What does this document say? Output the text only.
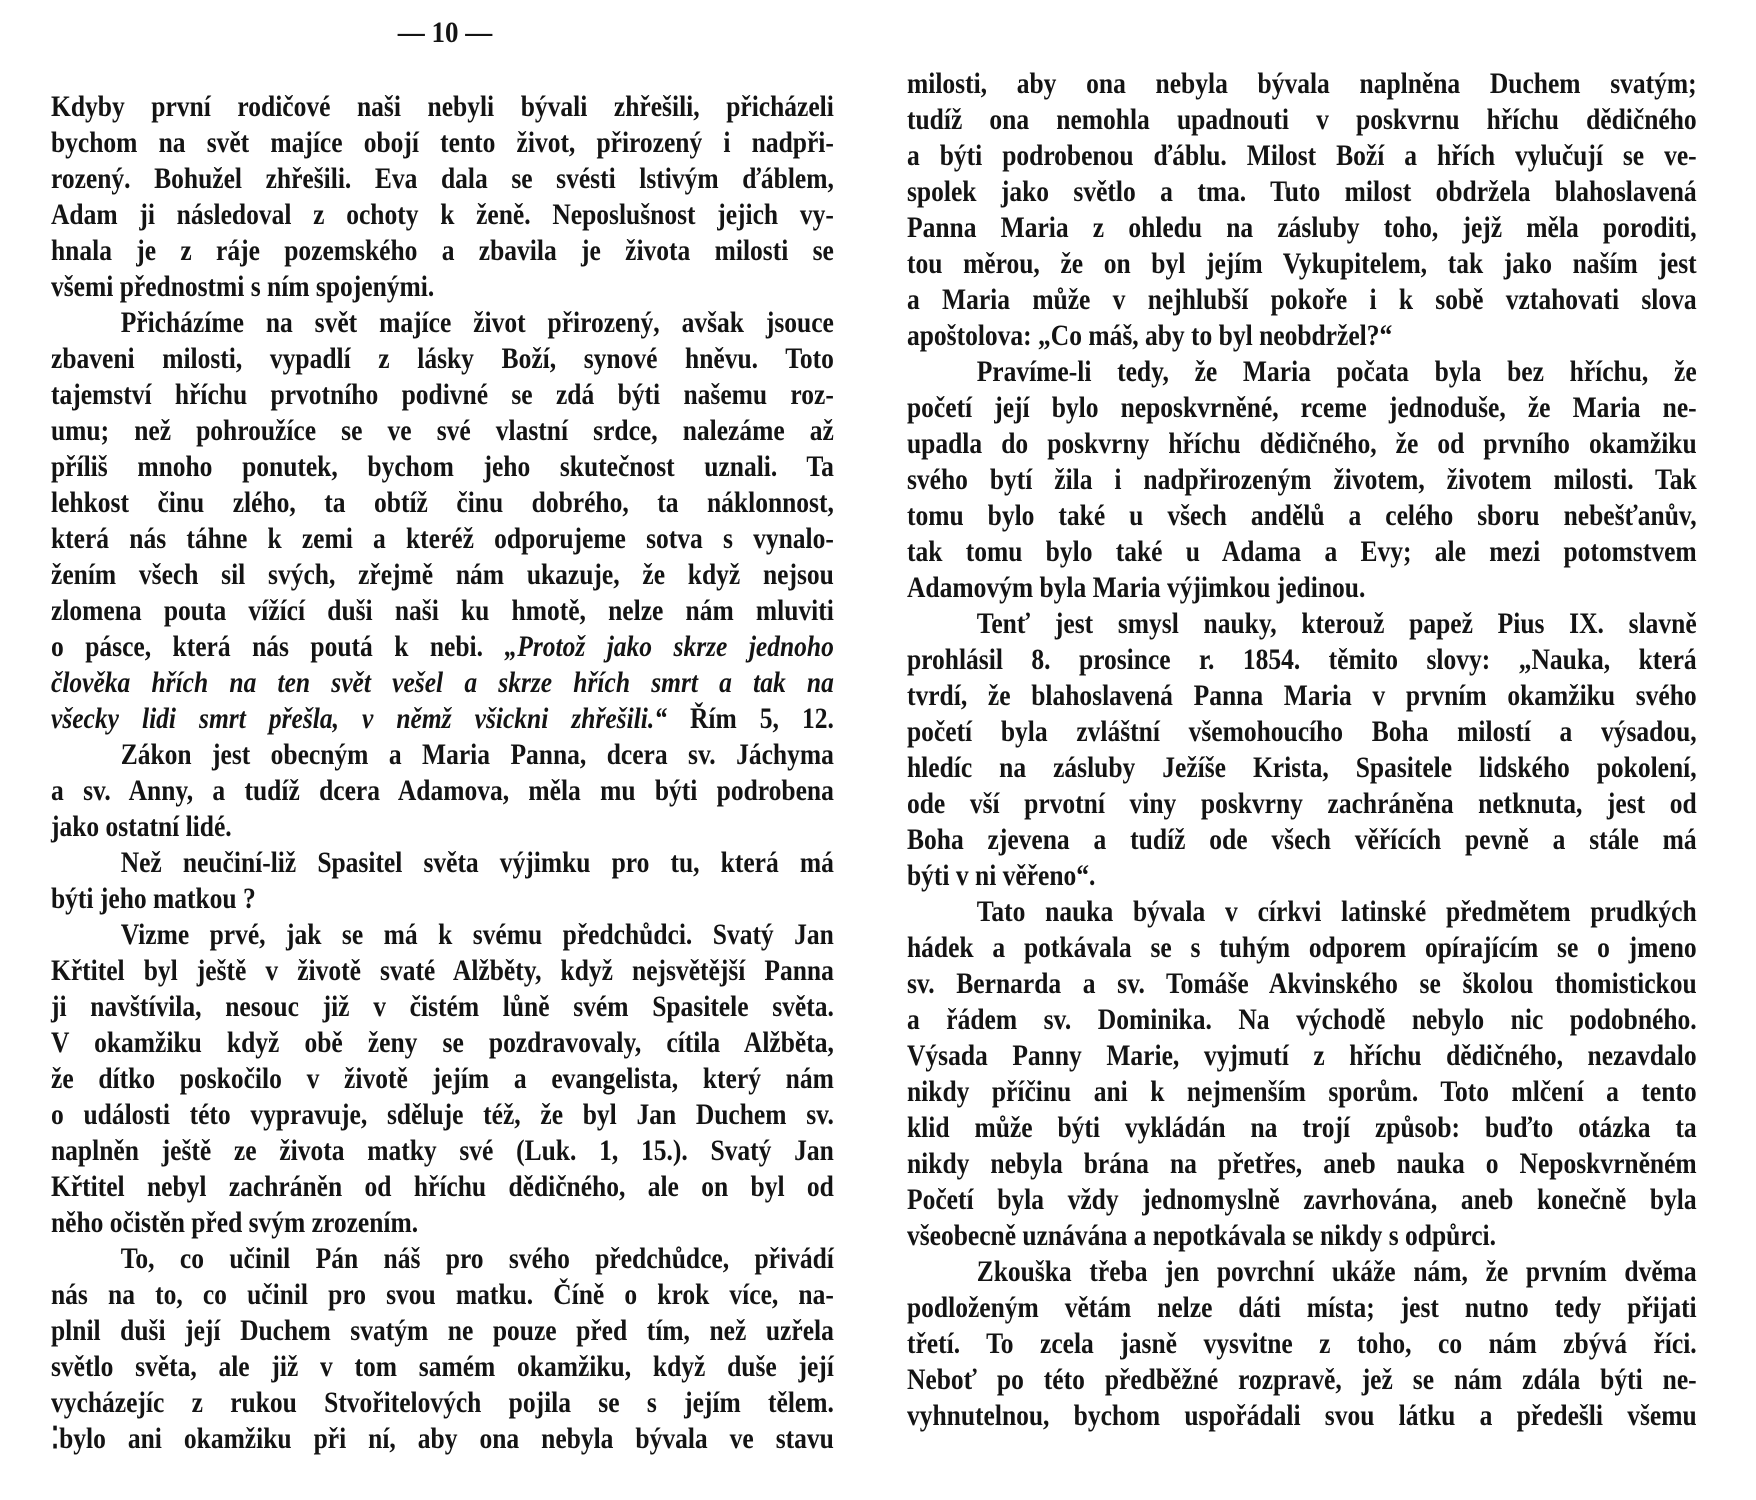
— 10 —
Kdyby první rodičové naši nebyli bývali zhřešili, přicházeli
bychom na svět majíce obojí tento život, přirozený i nadpři-
rozený. Bohužel zhřešili. Eva dala se svésti lstivým ďáblem,
Adam ji následoval z ochoty k ženě. Neposlušnost jejich vy-
hnala je z ráje pozemského a zbavila je života milosti se
všemi přednostmi s ním spojenými.
Přicházíme na svět majíce život přirozený, avšak jsouce
zbaveni milosti, vypadlí z lásky Boží, synové hněvu. Toto
tajemství hříchu prvotního podivné se zdá býti našemu roz-
umu; než pohroužíce se ve své vlastní srdce, nalezáme až
příliš mnoho ponutek, bychom jeho skutečnost uznali. Ta
lehkost činu zlého, ta obtíž činu dobrého, ta náklonnost,
která nás táhne k zemi a kteréž odporujeme sotva s vynalo-
žením všech sil svých, zřejmě nám ukazuje, že když nejsou
zlomena pouta vížící duši naši ku hmotě, nelze nám mluviti
o pásce, která nás poutá k nebi. „Protož jako skrze jednoho
člověka hřích na ten svět vešel a skrze hřích smrt a tak na
všecky lidi smrt přešla, v němž všickni zhřešili.“ Řím 5, 12.
Zákon jest obecným a Maria Panna, dcera sv. Jáchyma
a sv. Anny, a tudíž dcera Adamova, měla mu býti podrobena
jako ostatní lidé.
Než neučiní-liž Spasitel světa výjimku pro tu, která má
býti jeho matkou ?
Vizme prvé, jak se má k svému předchůdci. Svatý Jan
Křtitel byl ještě v životě svaté Alžběty, když nejsvětější Panna
ji navštívila, nesouc již v čistém lůně svém Spasitele světa.
V okamžiku když obě ženy se pozdravovaly, cítila Alžběta,
že dítko poskočilo v životě jejím a evangelista, který nám
o události této vypravuje, sděluje též, že byl Jan Duchem sv.
naplněn ještě ze života matky své (Luk. 1, 15.). Svatý Jan
Křtitel nebyl zachráněn od hříchu dědičného, ale on byl od
něho očistěn před svým zrozením.
To, co učinil Pán náš pro svého předchůdce, přivádí
nás na to, co učinil pro svou matku. Číně o krok více, na-
plnil duši její Duchem svatým ne pouze před tím, než uzřela
světlo světa, ale již v tom samém okamžiku, když duše její
vycházejíc z rukou Stvořitelových pojila se s jejím tělem.
⁚bylo ani okamžiku při ní, aby ona nebyla bývala ve stavu
milosti, aby ona nebyla bývala naplněna Duchem svatým;
tudíž ona nemohla upadnouti v poskvrnu hříchu dědičného
a býti podrobenou ďáblu. Milost Boží a hřích vylučují se ve-
spolek jako světlo a tma. Tuto milost obdržela blahoslavená
Panna Maria z ohledu na zásluby toho, jejž měla poroditi,
tou měrou, že on byl jejím Vykupitelem, tak jako naším jest
a Maria může v nejhlubší pokoře i k sobě vztahovati slova
apoštolova: „Co máš, aby to byl neobdržel?“
Pravíme-li tedy, že Maria počata byla bez hříchu, že
početí její bylo neposkvrněné, rceme jednoduše, že Maria ne-
upadla do poskvrny hříchu dědičného, že od prvního okamžiku
svého bytí žila i nadpřirozeným životem, životem milosti. Tak
tomu bylo také u všech andělů a celého sboru nebešťanův,
tak tomu bylo také u Adama a Evy; ale mezi potomstvem
Adamovým byla Maria výjimkou jedinou.
Tenť jest smysl nauky, kterouž papež Pius IX. slavně
prohlásil 8. prosince r. 1854. těmito slovy: „Nauka, která
tvrdí, že blahoslavená Panna Maria v prvním okamžiku svého
početí byla zvláštní všemohoucího Boha milostí a výsadou,
hledíc na zásluby Ježíše Krista, Spasitele lidského pokolení,
ode vší prvotní viny poskvrny zachráněna netknuta, jest od
Boha zjevena a tudíž ode všech věřících pevně a stále má
býti v ni věřeno“.
Tato nauka bývala v církvi latinské předmětem prudkých
hádek a potkávala se s tuhým odporem opírajícím se o jmeno
sv. Bernarda a sv. Tomáše Akvinského se školou thomistickou
a řádem sv. Dominika. Na východě nebylo nic podobného.
Výsada Panny Marie, vyjmutí z hříchu dědičného, nezavdalo
nikdy příčinu ani k nejmenším sporům. Toto mlčení a tento
klid může býti vykládán na trojí způsob: buďto otázka ta
nikdy nebyla brána na přetřes, aneb nauka o Neposkvrněném
Početí byla vždy jednomyslně zavrhována, aneb konečně byla
všeobecně uznávána a nepotkávala se nikdy s odpůrci.
Zkouška třeba jen povrchní ukáže nám, že prvním dvěma
podloženým větám nelze dáti místa; jest nutno tedy přijati
třetí. To zcela jasně vysvitne z toho, co nám zbývá říci.
Neboť po této předběžné rozpravě, jež se nám zdála býti ne-
vyhnutelnou, bychom uspořádali svou látku a předešli všemu
